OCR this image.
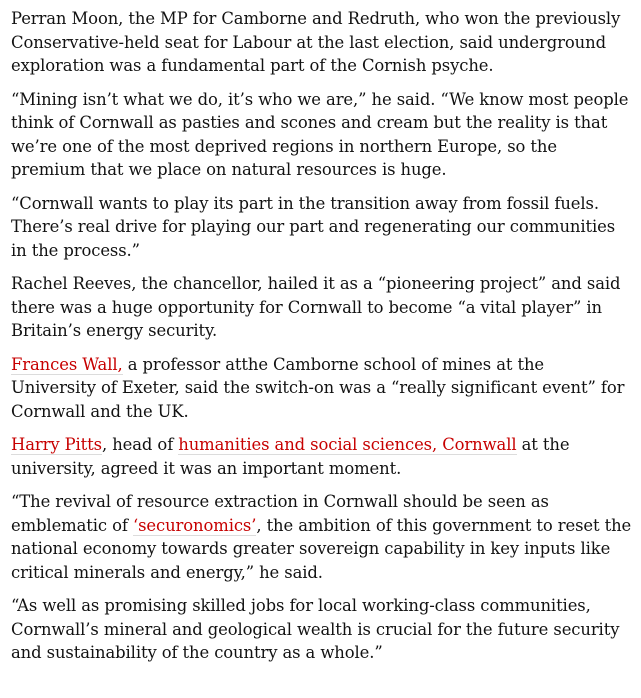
Perran Moon, the MP for Camborne and Redruth, who won the previously Conservative-held seat for Labour at the last election, said underground exploration was a fundamental part of the Cornish psyche.

“Mining isn’t what we do, it’s who we are,” he said. “We know most people think of Cornwall as pasties and scones and cream but the reality is that we’re one of the most deprived regions in northern Europe, so the premium that we place on natural resources is huge.

“Cornwall wants to play its part in the transition away from fossil fuels. There’s real drive for playing our part and regenerating our communities in the process.”

Rachel Reeves, the chancellor, hailed it as a “pioneering project” and said there was a huge opportunity for Cornwall to become “a vital player” in Britain’s energy security.

Frances Wall, a professor atthe Camborne school of mines at the University of Exeter, said the switch-on was a “really significant event” for Cornwall and the UK.

Harry Pitts, head of humanities and social sciences, Cornwall at the university, agreed it was an important moment.

“The revival of resource extraction in Cornwall should be seen as emblematic of ‘securonomics’, the ambition of this government to reset the national economy towards greater sovereign capability in key inputs like critical minerals and energy,” he said.

“As well as promising skilled jobs for local working-class communities, Cornwall’s mineral and geological wealth is crucial for the future security and sustainability of the country as a whole.”
